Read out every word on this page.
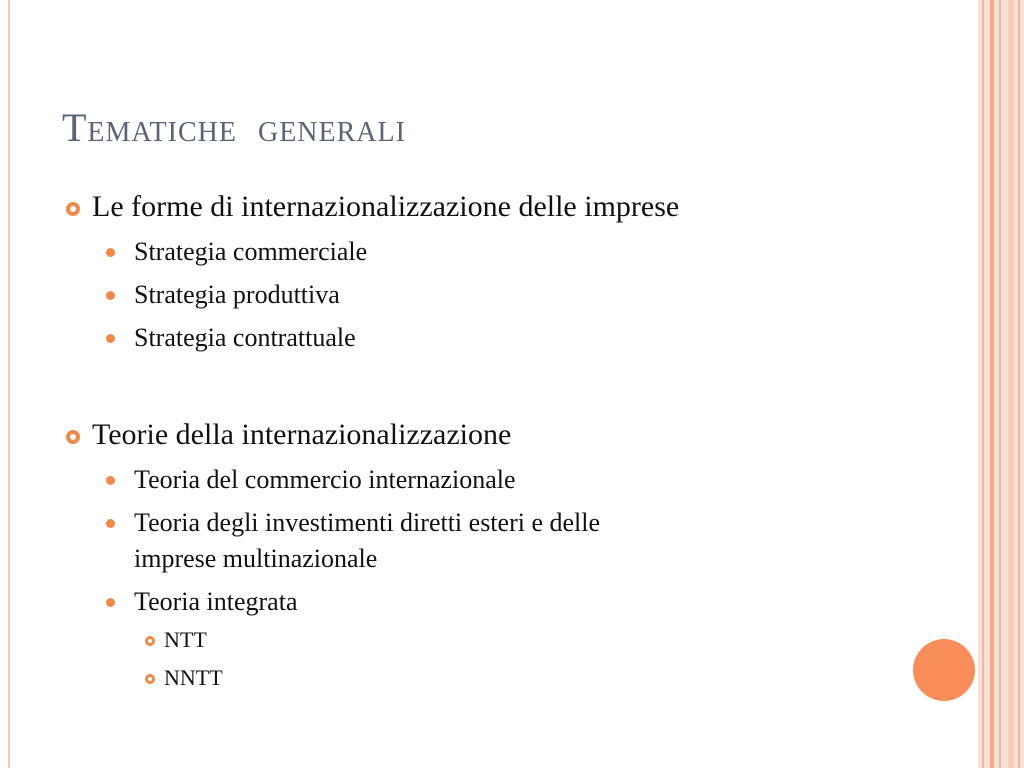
Tematiche generali
Le forme di internazionalizzazione delle imprese
Strategia commerciale
Strategia produttiva
Strategia contrattuale
Teorie della internazionalizzazione
Teoria del commercio internazionale
Teoria degli investimenti diretti esteri e delle
imprese multinazionale
Teoria integrata
NTT
NNTT
